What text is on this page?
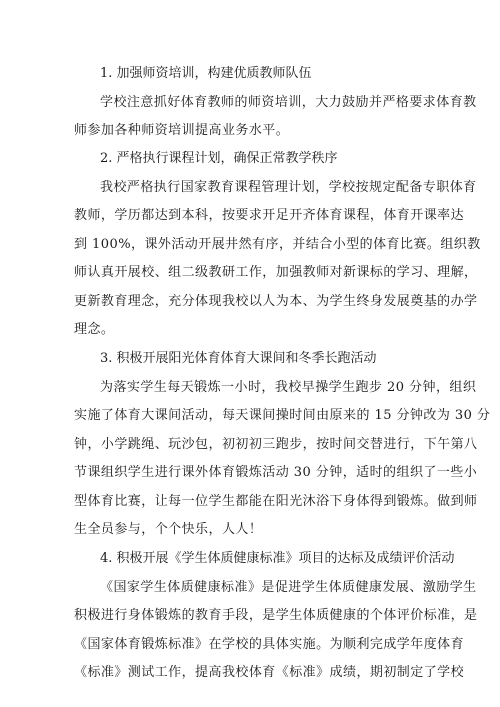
1. 加强师资培训，构建优质教师队伍
学校注意抓好体育教师的师资培训，大力鼓励并严格要求体育教
师参加各种师资培训提高业务水平。
2. 严格执行课程计划，确保正常教学秩序
我校严格执行国家教育课程管理计划，学校按规定配备专职体育
教师，学历都达到本科，按要求开足开齐体育课程，体育开课率达
到 100%，课外活动开展井然有序，并结合小型的体育比赛。组织教
师认真开展校、组二级教研工作，加强教师对新课标的学习、理解，
更新教育理念，充分体现我校以人为本、为学生终身发展奠基的办学
理念。
3. 积极开展阳光体育体育大课间和冬季长跑活动
为落实学生每天锻炼一小时，我校早操学生跑步 20 分钟，组织
实施了体育大课间活动，每天课间操时间由原来的 15 分钟改为 30 分
钟，小学跳绳、玩沙包，初初初三跑步，按时间交替进行，下午第八
节课组织学生进行课外体育锻炼活动 30 分钟，适时的组织了一些小
型体育比赛，让每一位学生都能在阳光沐浴下身体得到锻炼。做到师
生全员参与，个个快乐，人人！
4. 积极开展《学生体质健康标准》项目的达标及成绩评价活动
《国家学生体质健康标准》是促进学生体质健康发展、激励学生
积极进行身体锻炼的教育手段，是学生体质健康的个体评价标准，是
《国家体育锻炼标准》在学校的具体实施。为顺利完成学年度体育
《标准》测试工作，提高我校体育《标准》成绩，期初制定了学校
